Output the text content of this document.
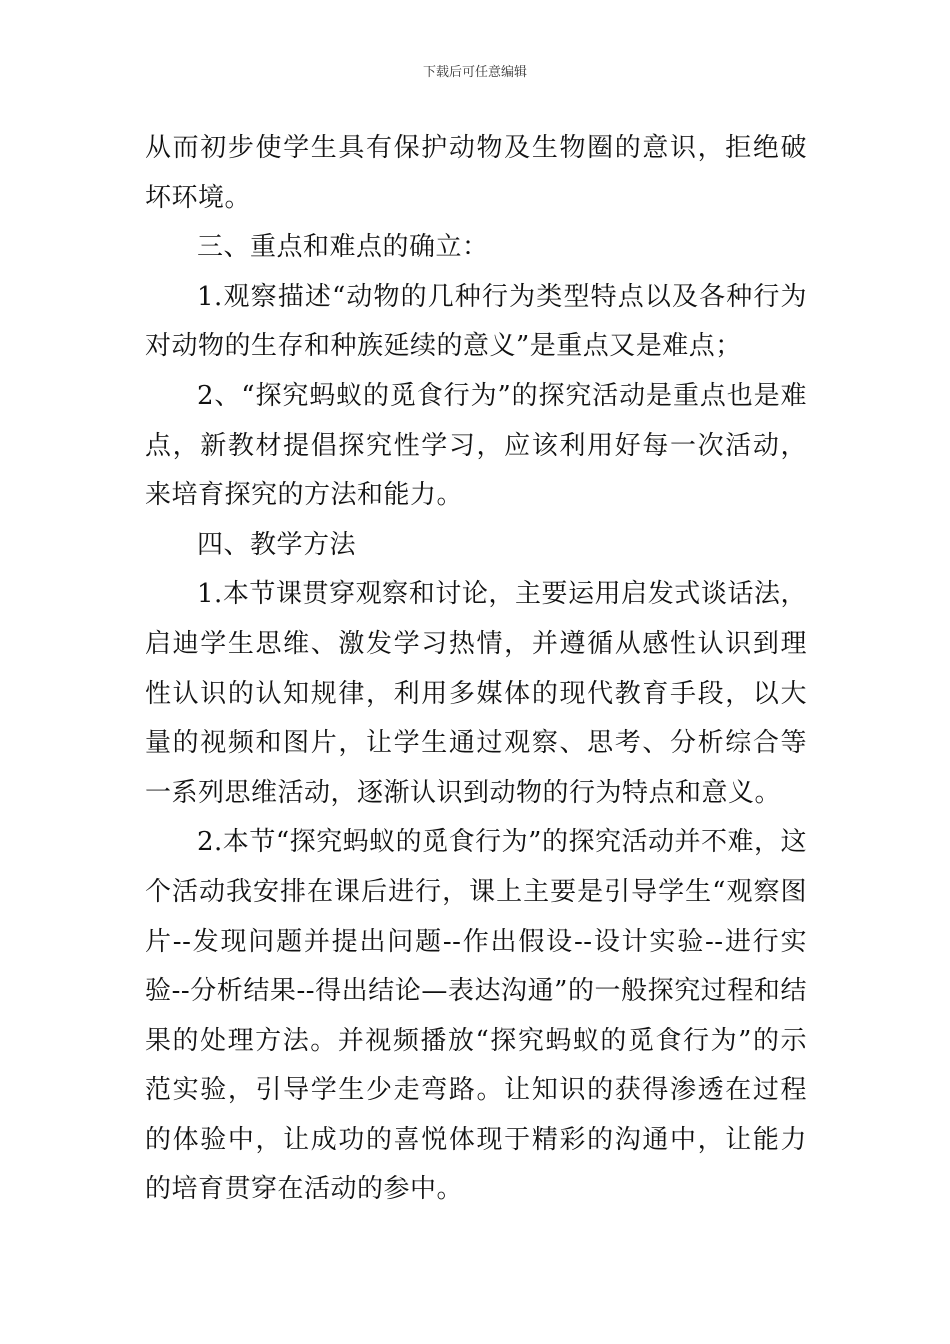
下载后可任意编辑

从而初步使学生具有保护动物及生物圈的意识，拒绝破坏环境。

三、重点和难点的确立：

1.观察描述“动物的几种行为类型特点以及各种行为对动物的生存和种族延续的意义”是重点又是难点；

2、“探究蚂蚁的觅食行为”的探究活动是重点也是难点，新教材提倡探究性学习，应该利用好每一次活动，来培育探究的方法和能力。

四、教学方法

1.本节课贯穿观察和讨论，主要运用启发式谈话法，启迪学生思维、激发学习热情，并遵循从感性认识到理性认识的认知规律，利用多媒体的现代教育手段，以大量的视频和图片，让学生通过观察、思考、分析综合等一系列思维活动，逐渐认识到动物的行为特点和意义。

2.本节“探究蚂蚁的觅食行为”的探究活动并不难，这个活动我安排在课后进行，课上主要是引导学生“观察图片--发现问题并提出问题--作出假设--设计实验--进行实验--分析结果--得出结论—表达沟通”的一般探究过程和结果的处理方法。并视频播放“探究蚂蚁的觅食行为”的示范实验，引导学生少走弯路。让知识的获得渗透在过程的体验中，让成功的喜悦体现于精彩的沟通中，让能力的培育贯穿在活动的参中。
